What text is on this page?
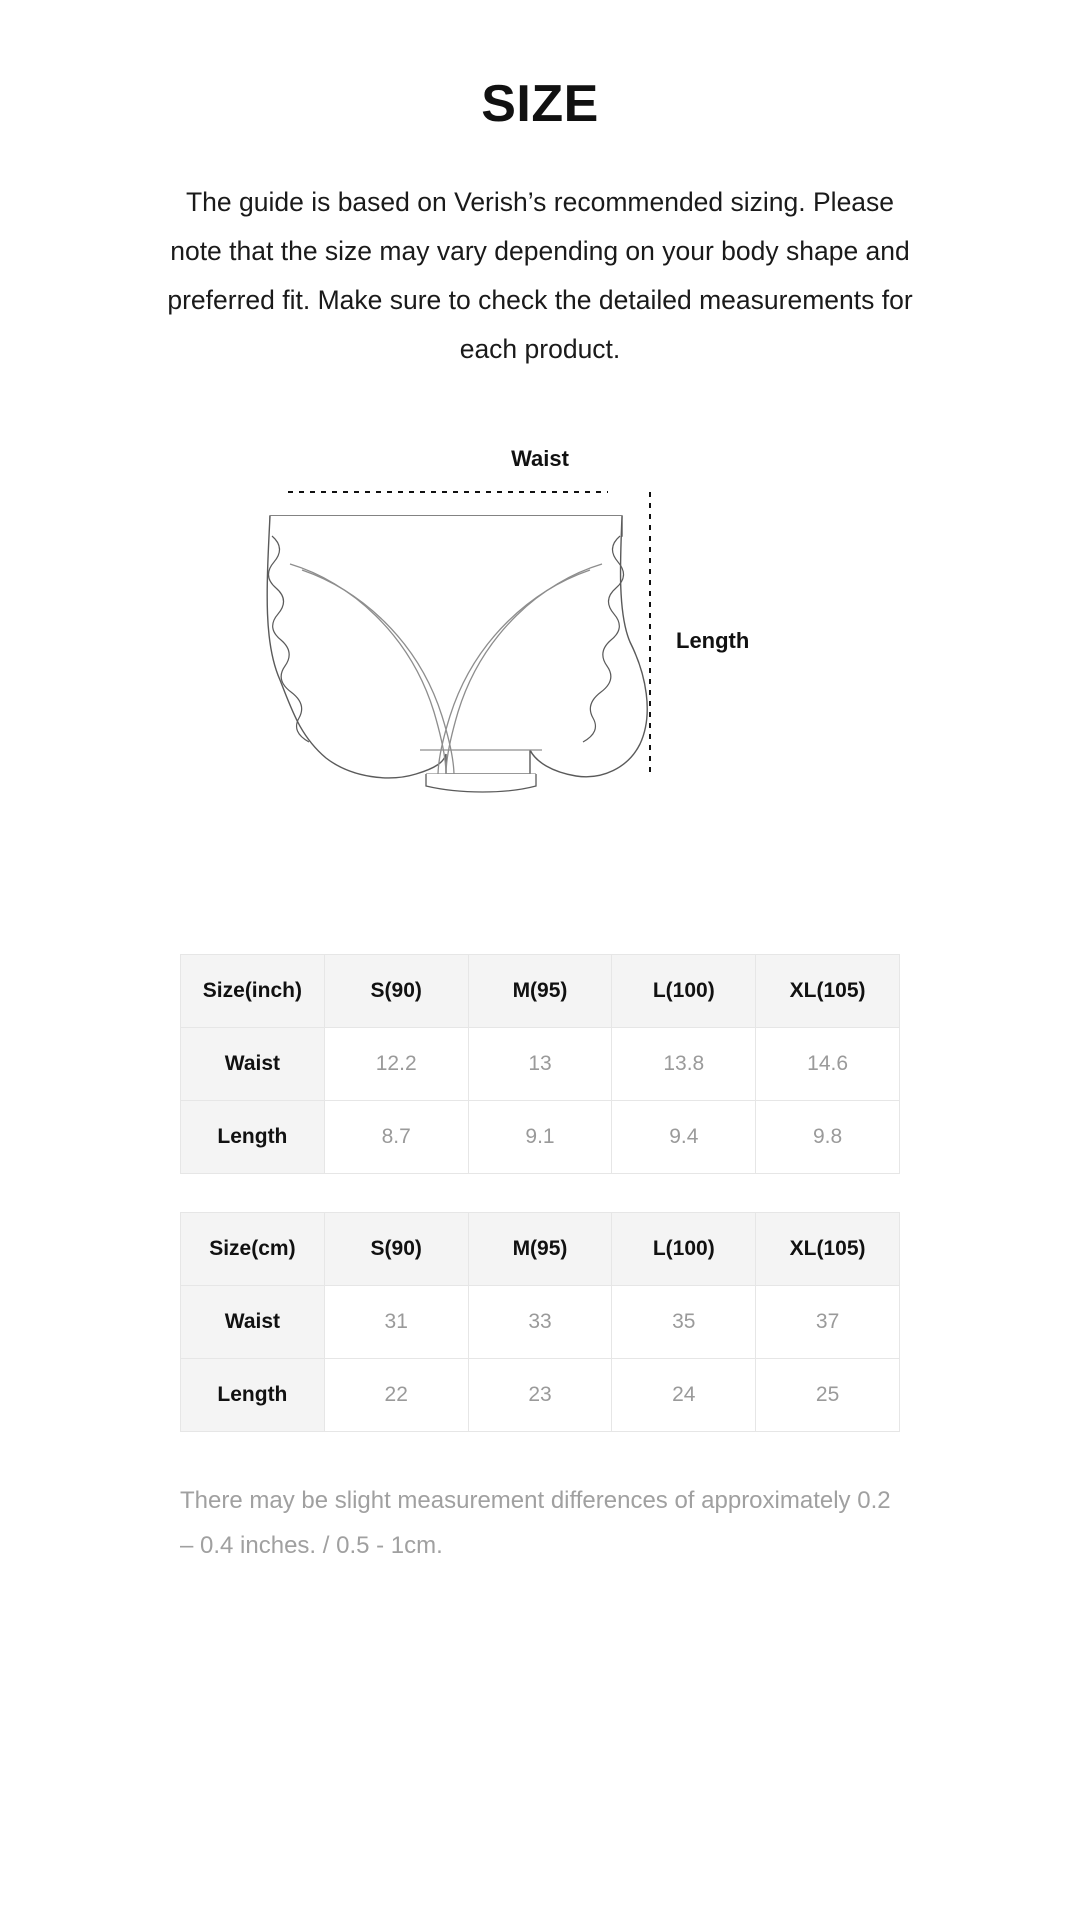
SIZE

The guide is based on Verish’s recommended sizing. Please note that the size may vary depending on your body shape and preferred fit. Make sure to check the detailed measurements for each product.

Waist
Length
Size(inch)	S(90)	M(95)	L(100)	XL(105)
Waist	12.2	13	13.8	14.6
Length	8.7	9.1	9.4	9.8
Size(cm)	S(90)	M(95)	L(100)	XL(105)
Waist	31	33	35	37
Length	22	23	24	25

There may be slight measurement differences of approximately 0.2 – 0.4 inches. / 0.5 - 1cm.
